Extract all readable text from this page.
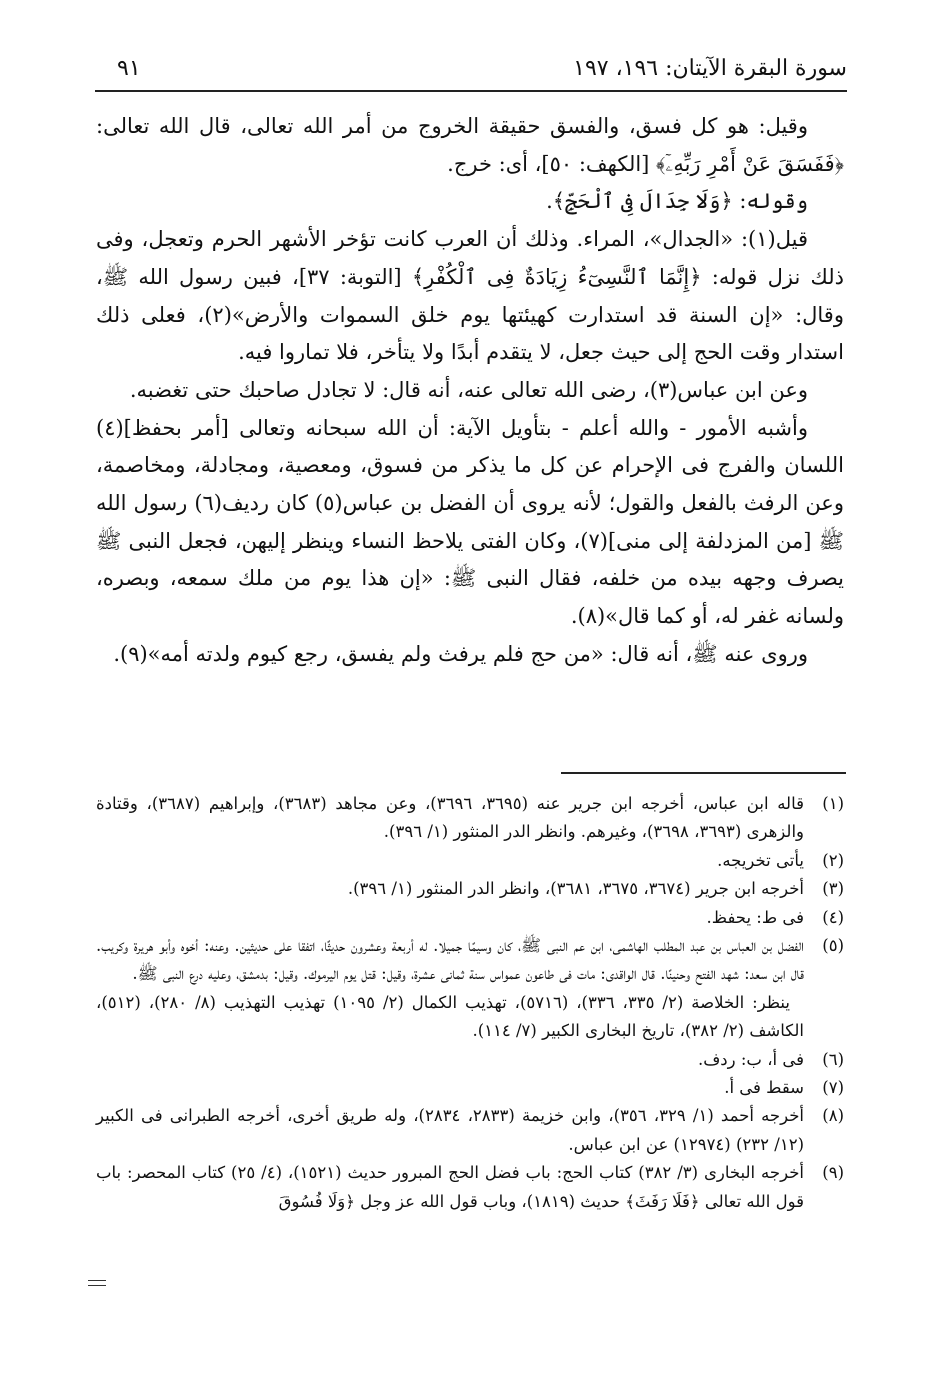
سورة البقرة الآيتان: ١٩٦، ١٩٧
٩١

وقيل: هو كل فسق، والفسق حقيقة الخروج من أمر الله تعالى، قال الله تعالى: ﴿فَفَسَقَ عَنْ أَمْرِ رَبِّهِۦٓ﴾ [الكهف: ٥٠]، أى: خرج.

وقوله: ﴿وَلَا جِدَالَ فِى ٱلْحَجِّ﴾.

قيل(١): «الجدال»، المراء. وذلك أن العرب كانت تؤخر الأشهر الحرم وتعجل، وفى ذلك نزل قوله: ﴿إِنَّمَا ٱلنَّسِىٓءُ زِيَادَةٌ فِى ٱلْكُفْرِ﴾ [التوبة: ٣٧]، فبين رسول الله ﷺ، وقال: «إن السنة قد استدارت كهيئتها يوم خلق السموات والأرض»(٢)، فعلى ذلك استدار وقت الحج إلى حيث جعل، لا يتقدم أبدًا ولا يتأخر، فلا تماروا فيه.

وعن ابن عباس(٣)، رضى الله تعالى عنه، أنه قال: لا تجادل صاحبك حتى تغضبه.

وأشبه الأمور - والله أعلم - بتأويل الآية: أن الله سبحانه وتعالى [أمر بحفظ](٤) اللسان والفرج فى الإحرام عن كل ما يذكر من فسوق، ومعصية، ومجادلة، ومخاصمة، وعن الرفث بالفعل والقول؛ لأنه يروى أن الفضل بن عباس(٥) كان رديف(٦) رسول الله ﷺ [من المزدلفة إلى منى](٧)، وكان الفتى يلاحظ النساء وينظر إليهن، فجعل النبى ﷺ يصرف وجهه بيده من خلفه، فقال النبى ﷺ: «إن هذا يوم من ملك سمعه، وبصره، ولسانه غفر له، أو كما قال»(٨).

وروى عنه ﷺ، أنه قال: «من حج فلم يرفث ولم يفسق، رجع كيوم ولدته أمه»(٩).

(١)
قاله ابن عباس، أخرجه ابن جرير عنه (٣٦٩٥، ٣٦٩٦)، وعن مجاهد (٣٦٨٣)، وإبراهيم (٣٦٨٧)، وقتادة والزهرى (٣٦٩٣، ٣٦٩٨)، وغيرهم. وانظر الدر المنثور (١/ ٣٩٦).
(٢)
يأتى تخريجه.
(٣)
أخرجه ابن جرير (٣٦٧٤، ٣٦٧٥، ٣٦٨١)، وانظر الدر المنثور (١/ ٣٩٦).
(٤)
فى ط: يحفظ.
(٥)
الفضل بن العباس بن عبد المطلب الهاشمى، ابن عم النبى ﷺ، كان وسيمًا جميلا. له أربعة وعشرون حديثًا، اتفقا على حديثين. وعنه: أخوه وأبو هريرة وكريب. قال ابن سعد: شهد الفتح وحنينًا. قال الواقدى: مات فى طاعون عمواس سنة ثمانى عشرة، وقيل: قتل يوم اليرموك. وقيل: بدمشق، وعليه درع النبى ﷺ.
ينظر: الخلاصة (٢/ ٣٣٥، ٣٣٦)، (٥٧١٦)، تهذيب الكمال (٢/ ١٠٩٥) تهذيب التهذيب (٨/ ٢٨٠)، (٥١٢)، الكاشف (٢/ ٣٨٢)، تاريخ البخارى الكبير (٧/ ١١٤).
(٦)
فى أ، ب: ردف.
(٧)
سقط فى أ.
(٨)
أخرجه أحمد (١/ ٣٢٩، ٣٥٦)، وابن خزيمة (٢٨٣٣، ٢٨٣٤)، وله طريق أخرى، أخرجه الطبرانى فى الكبير (١٢/ ٢٣٢) (١٢٩٧٤) عن ابن عباس.
(٩)
أخرجه البخارى (٣/ ٣٨٢) كتاب الحج: باب فضل الحج المبرور حديث (١٥٢١)، (٤/ ٢٥) كتاب المحصر: باب قول الله تعالى ﴿فَلَا رَفَثَ﴾ حديث (١٨١٩)، وباب قول الله عز وجل ﴿وَلَا فُسُوقَ
